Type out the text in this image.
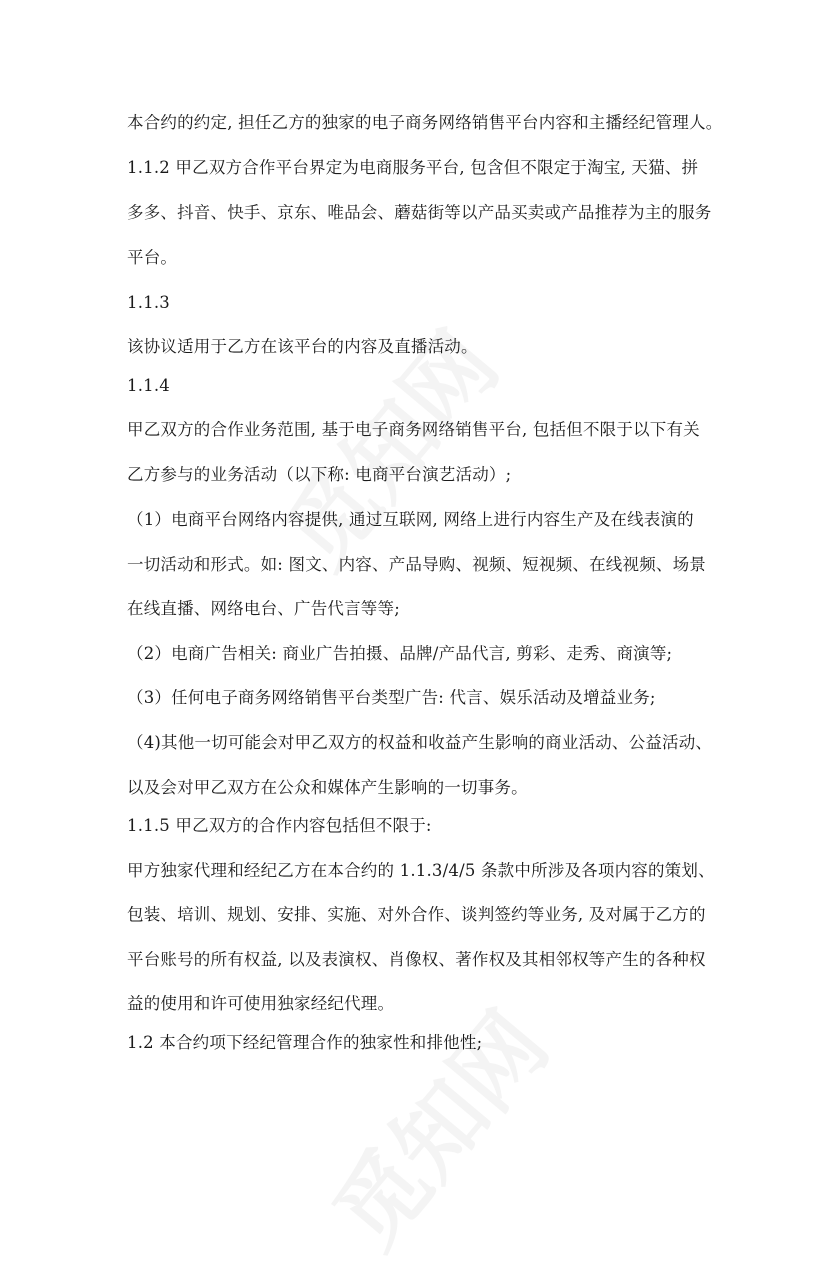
本合约的约定, 担任乙方的独家的电子商务网络销售平台内容和主播经纪管理人。
1.1.2 甲乙双方合作平台界定为电商服务平台, 包含但不限定于淘宝, 天猫、拼
多多、抖音、快手、京东、唯品会、蘑菇街等以产品买卖或产品推荐为主的服务
平台。
1.1.3
该协议适用于乙方在该平台的内容及直播活动。
1.1.4
甲乙双方的合作业务范围, 基于电子商务网络销售平台, 包括但不限于以下有关
乙方参与的业务活动（以下称: 电商平台演艺活动）;
（1）电商平台网络内容提供, 通过互联网, 网络上进行内容生产及在线表演的
一切活动和形式。如: 图文、内容、产品导购、视频、短视频、在线视频、场景
在线直播、网络电台、广告代言等等;
（2）电商广告相关: 商业广告拍摄、品牌/产品代言, 剪彩、走秀、商演等;
（3）任何电子商务网络销售平台类型广告: 代言、娱乐活动及增益业务;
（4)其他一切可能会对甲乙双方的权益和收益产生影响的商业活动、公益活动、
以及会对甲乙双方在公众和媒体产生影响的一切事务。
1.1.5 甲乙双方的合作内容包括但不限于:
甲方独家代理和经纪乙方在本合约的 1.1.3/4/5 条款中所涉及各项内容的策划、
包装、培训、规划、安排、实施、对外合作、谈判签约等业务, 及对属于乙方的
平台账号的所有权益, 以及表演权、肖像权、著作权及其相邻权等产生的各种权
益的使用和许可使用独家经纪代理。
1.2 本合约项下经纪管理合作的独家性和排他性;
